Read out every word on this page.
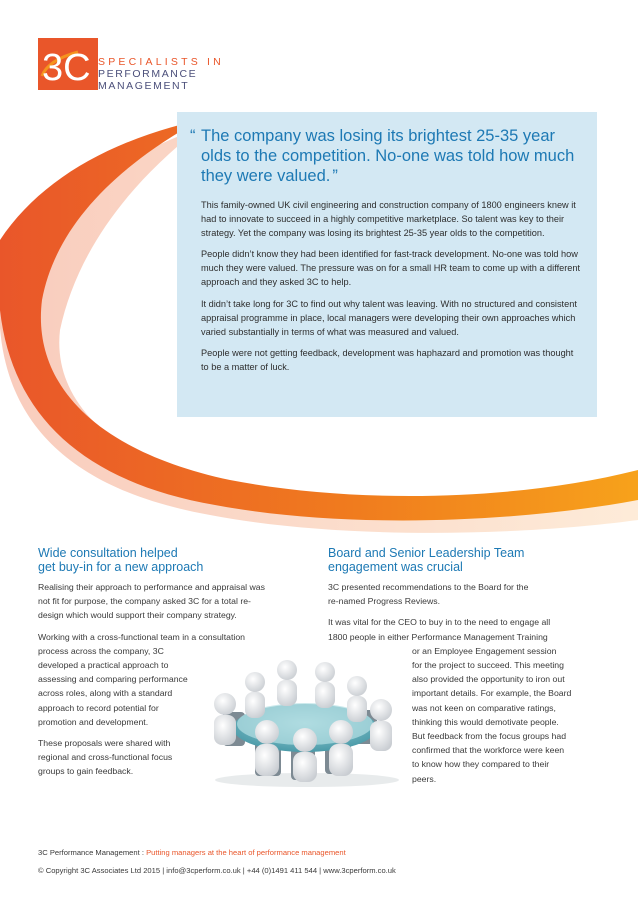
3C SPECIALISTS IN
PERFORMANCE
MANAGEMENT

“ The company was losing its brightest 25-35 year olds to the competition. No-one was told how much they were valued. ”

This family-owned UK civil engineering and construction company of 1800 engineers knew it had to innovate to succeed in a highly competitive marketplace. So talent was key to their strategy. Yet the company was losing its brightest 25-35 year olds to the competition.

People didn’t know they had been identified for fast-track development. No-one was told how much they were valued. The pressure was on for a small HR team to come up with a different approach and they asked 3C to help.

It didn’t take long for 3C to find out why talent was leaving. With no structured and consistent appraisal programme in place, local managers were developing their own approaches which varied substantially in terms of what was measured and valued.

People were not getting feedback, development was haphazard and promotion was thought to be a matter of luck.

Wide consultation helped
get buy-in for a new approach

Realising their approach to performance and appraisal was
not fit for purpose, the company asked 3C for a total re-
design which would support their company strategy.

Working with a cross-functional team in a consultation
process across the company, 3C
developed a practical approach to
assessing and comparing performance
across roles, along with a standard
approach to record potential for
promotion and development.

These proposals were shared with
regional and cross-functional focus
groups to gain feedback.

Board and Senior Leadership Team
engagement was crucial

3C presented recommendations to the Board for the
re-named Progress Reviews.

It was vital for the CEO to buy in to the need to engage all
1800 people in either Performance Management Training

or an Employee Engagement session
for the project to succeed. This meeting
also provided the opportunity to iron out
important details. For example, the Board
was not keen on comparative ratings,
thinking this would demotivate people.
But feedback from the focus groups had
confirmed that the workforce were keen
to know how they compared to their
peers.
3C Performance Management : Putting managers at the heart of performance management
© Copyright 3C Associates Ltd 2015 | info@3cperform.co.uk | +44 (0)1491 411 544 | www.3cperform.co.uk
